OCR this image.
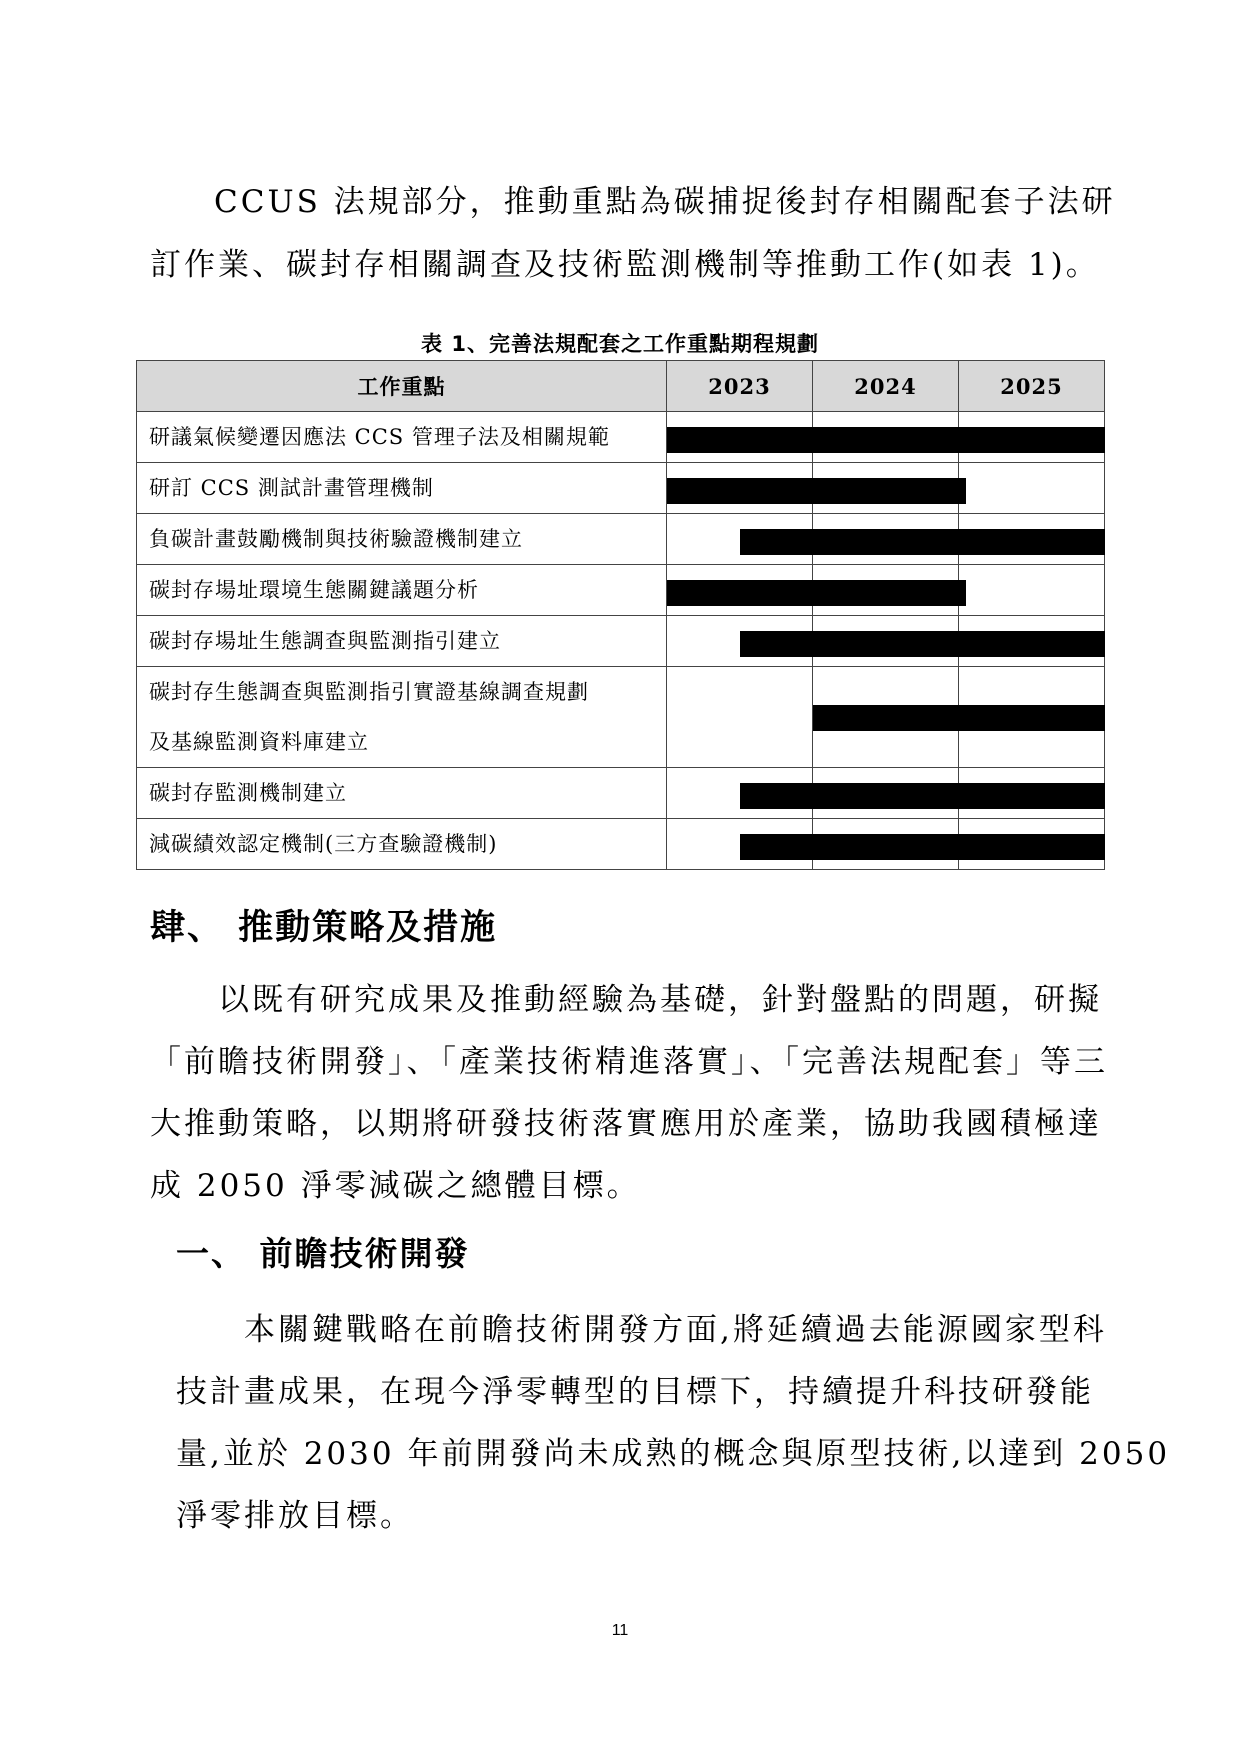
CCUS 法規部分，推動重點為碳捕捉後封存相關配套子法研
訂作業、碳封存相關調查及技術監測機制等推動工作(如表 1)。
表 1、完善法規配套之工作重點期程規劃
工作重點	2023	2024	2025
研議氣候變遷因應法 CCS 管理子法及相關規範	

研訂 CCS 測試計畫管理機制	

負碳計畫鼓勵機制與技術驗證機制建立	

碳封存場址環境生態關鍵議題分析	

碳封存場址生態調查與監測指引建立	

碳封存生態調查與監測指引實證基線調查規劃
及基線監測資料庫建立			

碳封存監測機制建立	

減碳績效認定機制(三方查驗證機制)	

肆、 推動策略及措施
以既有研究成果及推動經驗為基礎，針對盤點的問題，研擬
「前瞻技術開發」、「產業技術精進落實」、「完善法規配套」等三
大推動策略，以期將研發技術落實應用於產業，協助我國積極達
成 2050 淨零減碳之總體目標。
一、 前瞻技術開發
本關鍵戰略在前瞻技術開發方面,將延續過去能源國家型科
技計畫成果，在現今淨零轉型的目標下，持續提升科技研發能
量,並於 2030 年前開發尚未成熟的概念與原型技術,以達到 2050
淨零排放目標。
11
